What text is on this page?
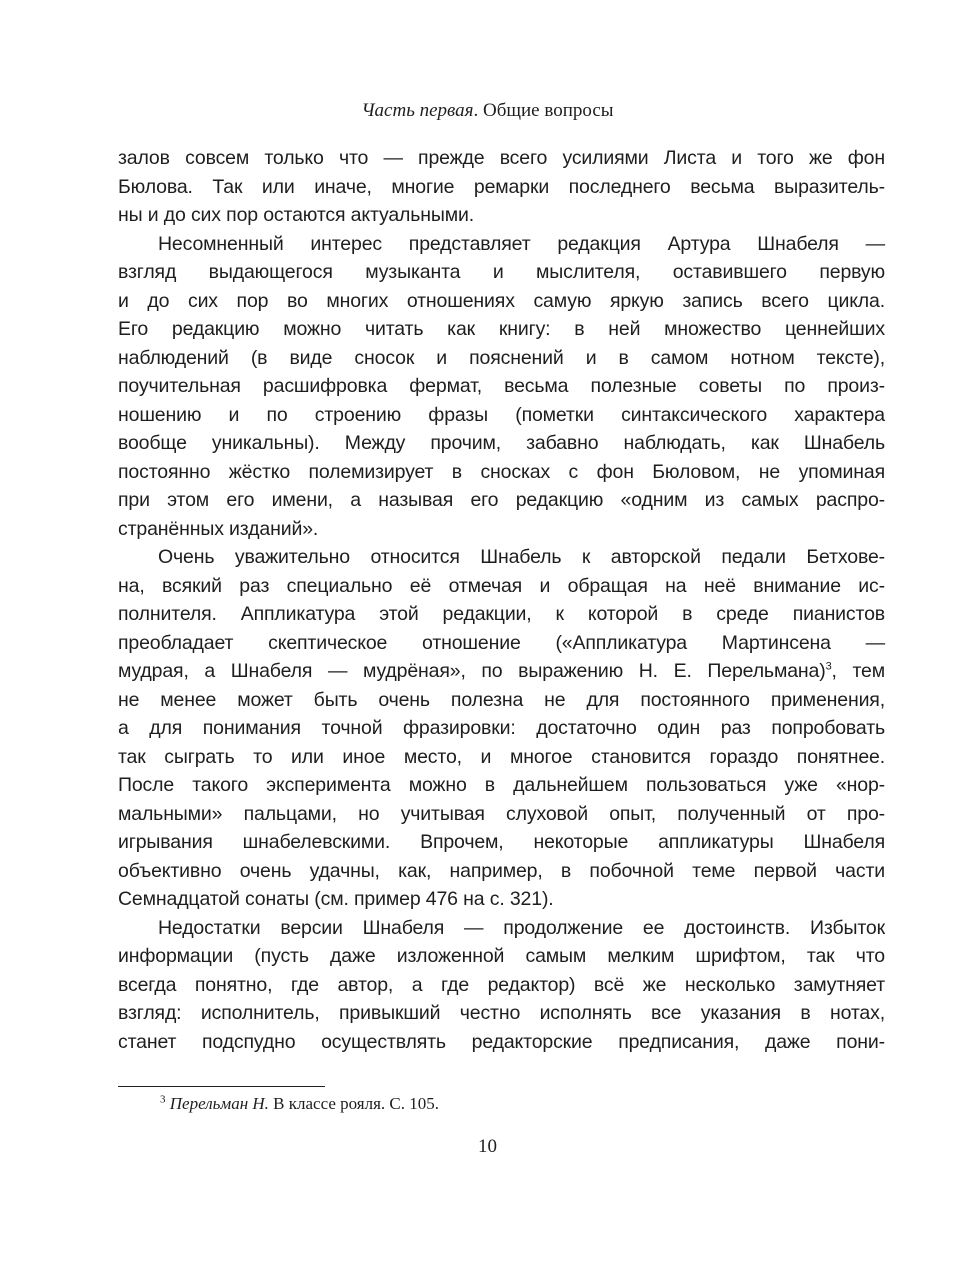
Часть первая. Общие вопросы
залов совсем только что — прежде всего усилиями Листа и того же фон
Бюлова. Так или иначе, многие ремарки последнего весьма выразитель-
ны и до сих пор остаются актуальными.
Несомненный интерес представляет редакция Артура Шнабеля —
взгляд выдающегося музыканта и мыслителя, оставившего первую
и до сих пор во многих отношениях самую яркую запись всего цикла.
Его редакцию можно читать как книгу: в ней множество ценнейших
наблюдений (в виде сносок и пояснений и в самом нотном тексте),
поучительная расшифровка фермат, весьма полезные советы по произ-
ношению и по строению фразы (пометки синтаксического характера
вообще уникальны). Между прочим, забавно наблюдать, как Шнабель
постоянно жёстко полемизирует в сносках с фон Бюловом, не упоминая
при этом его имени, а называя его редакцию «одним из самых распро-
странённых изданий».
Очень уважительно относится Шнабель к авторской педали Бетхове-
на, всякий раз специально её отмечая и обращая на неё внимание ис-
полнителя. Аппликатура этой редакции, к которой в среде пианистов
преобладает скептическое отношение («Аппликатура Мартинсена —
мудрая, а Шнабеля — мудрёная», по выражению Н. Е. Перельмана)$^3$, тем
не менее может быть очень полезна не для постоянного применения,
а для понимания точной фразировки: достаточно один раз попробовать
так сыграть то или иное место, и многое становится гораздо понятнее.
После такого эксперимента можно в дальнейшем пользоваться уже «нор-
мальными» пальцами, но учитывая слуховой опыт, полученный от про-
игрывания шнабелевскими. Впрочем, некоторые аппликатуры Шнабеля
объективно очень удачны, как, например, в побочной теме первой части
Семнадцатой сонаты (см. пример 476 на с. 321).
Недостатки версии Шнабеля — продолжение ее достоинств. Избыток
информации (пусть даже изложенной самым мелким шрифтом, так что
всегда понятно, где автор, а где редактор) всё же несколько замутняет
взгляд: исполнитель, привыкший честно исполнять все указания в нотах,
станет подспудно осуществлять редакторские предписания, даже пони-
$^3$ Перельман Н. В классе рояля. С. 105.
10
